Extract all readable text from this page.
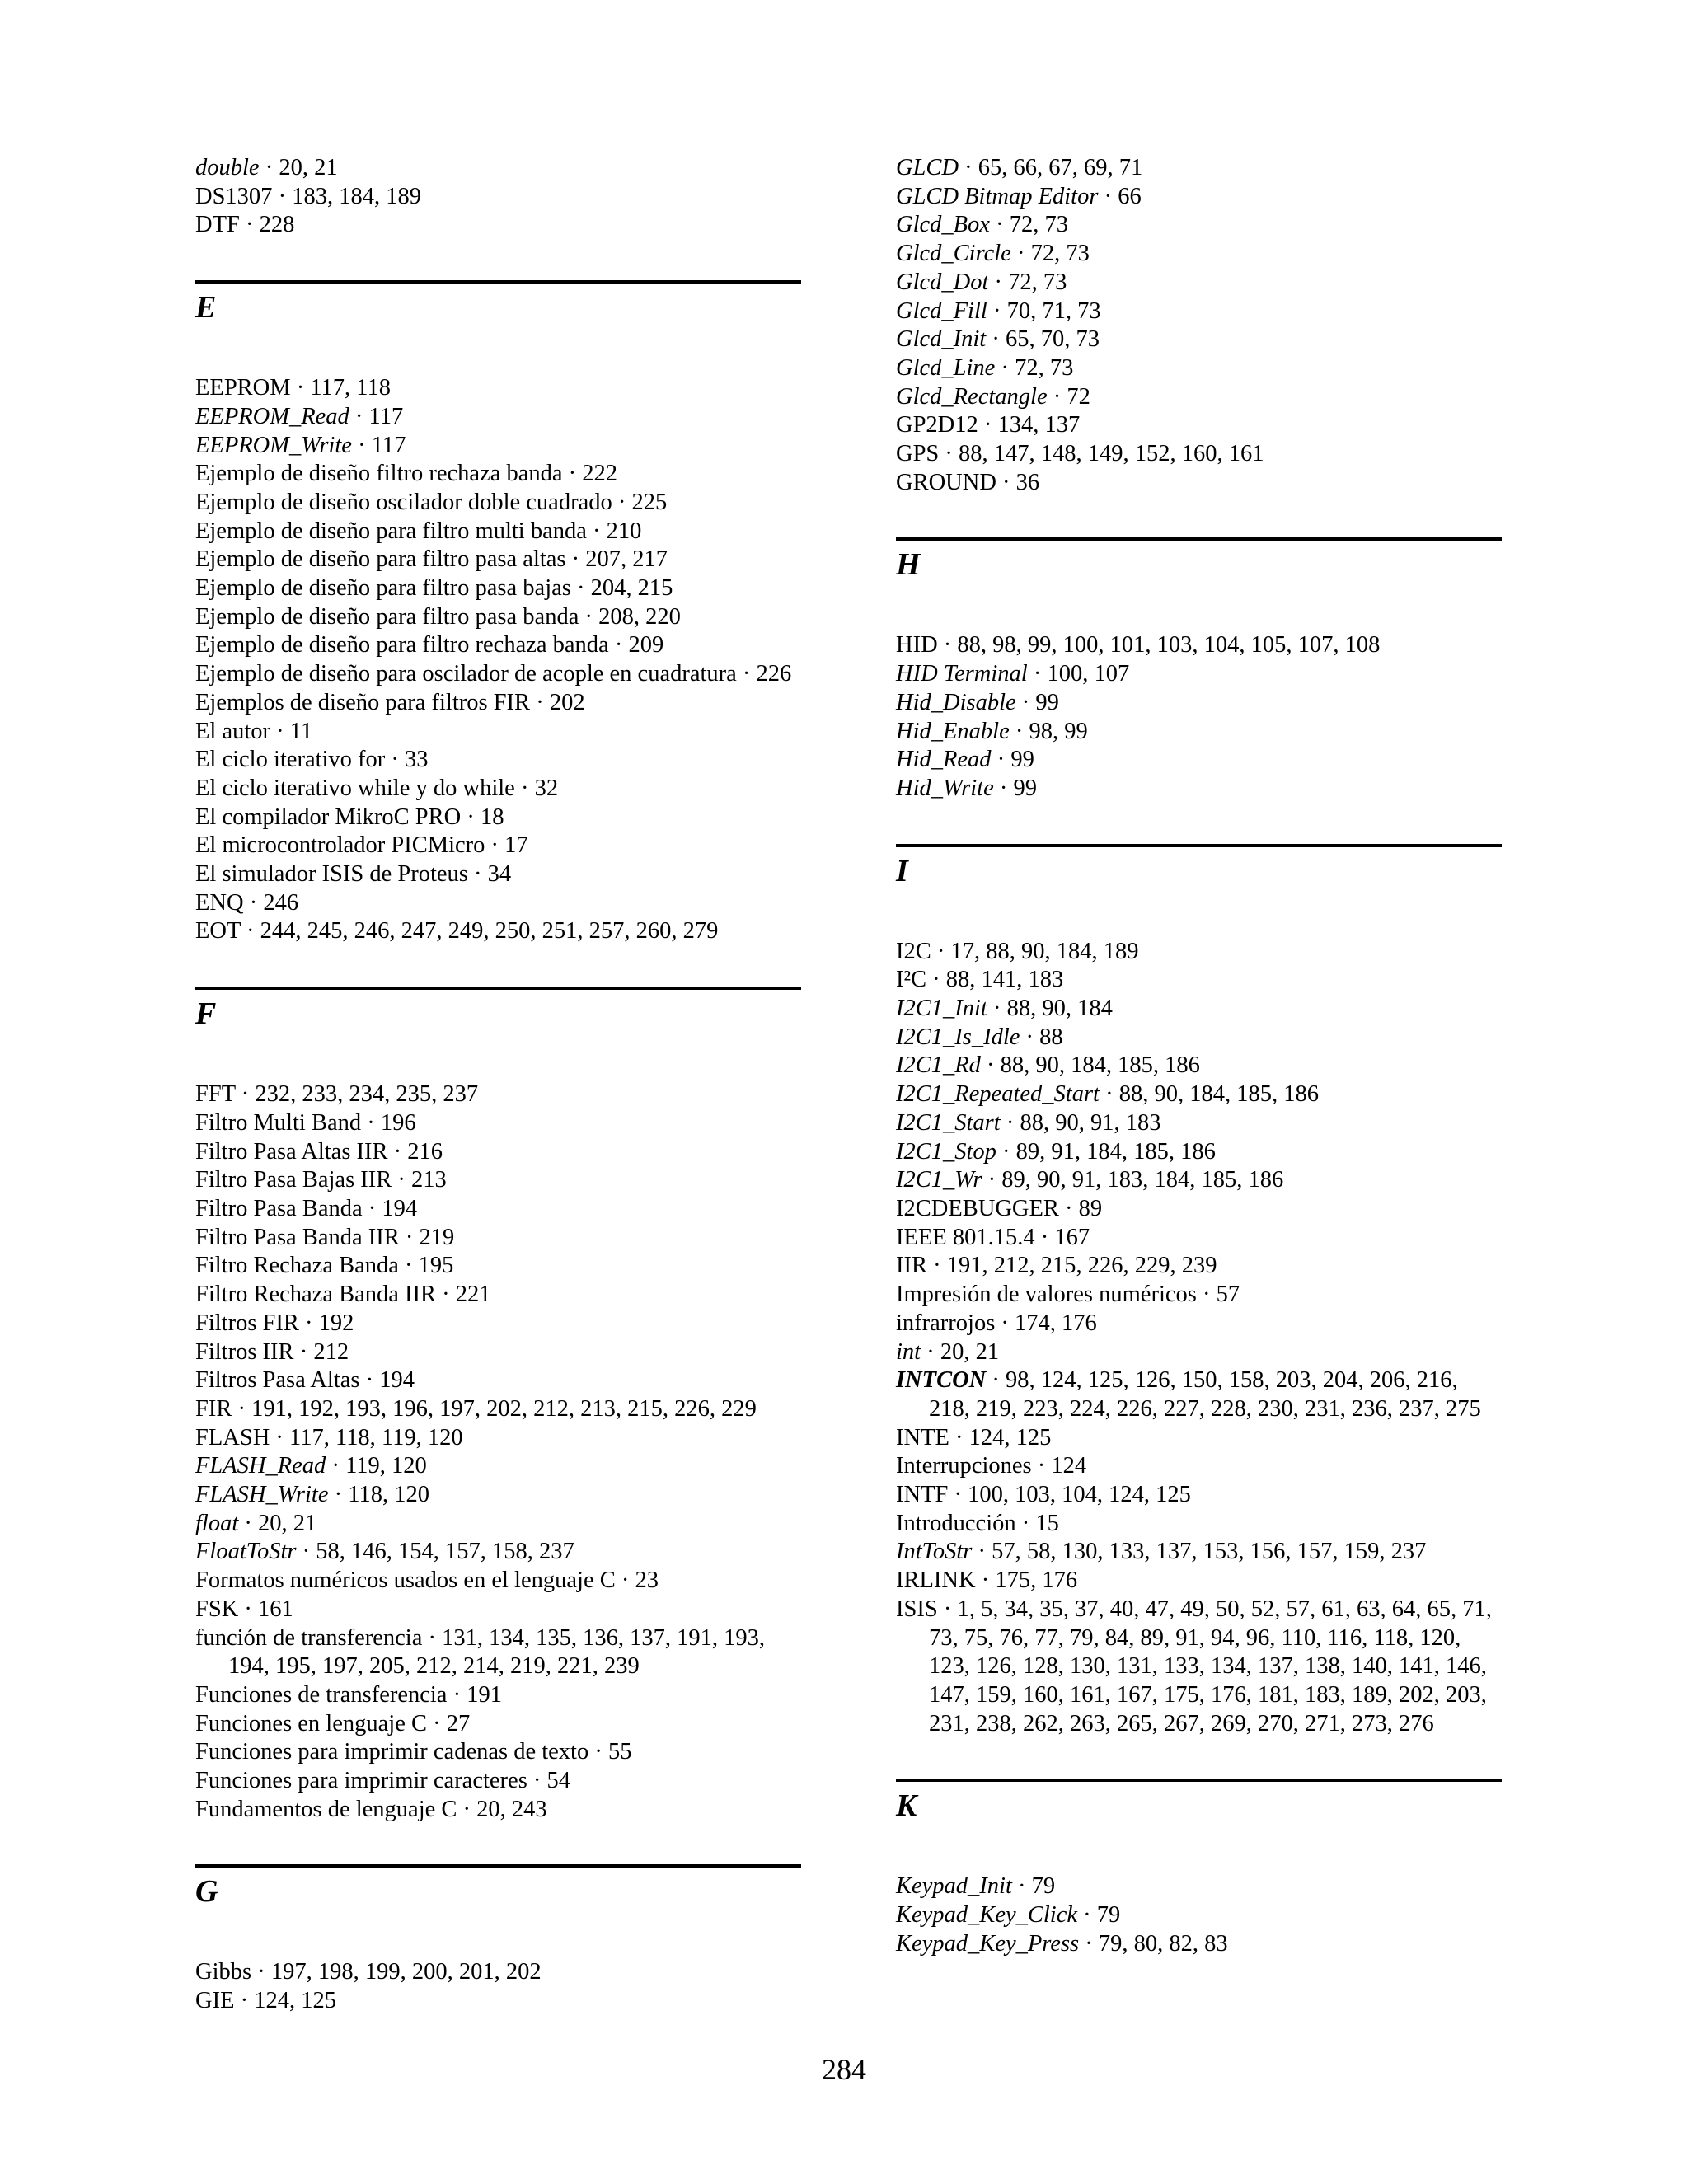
double · 20, 21
DS1307 · 183, 184, 189
DTF · 228
E
EEPROM · 117, 118
EEPROM_Read · 117
EEPROM_Write · 117
Ejemplo de diseño filtro rechaza banda · 222
Ejemplo de diseño oscilador doble cuadrado · 225
Ejemplo de diseño para filtro multi banda · 210
Ejemplo de diseño para filtro pasa altas · 207, 217
Ejemplo de diseño para filtro pasa bajas · 204, 215
Ejemplo de diseño para filtro pasa banda · 208, 220
Ejemplo de diseño para filtro rechaza banda · 209
Ejemplo de diseño para oscilador de acople en cuadratura · 226
Ejemplos de diseño para filtros FIR · 202
El autor · 11
El ciclo iterativo for · 33
El ciclo iterativo while y do while · 32
El compilador MikroC PRO · 18
El microcontrolador PICMicro · 17
El simulador ISIS de Proteus · 34
ENQ · 246
EOT · 244, 245, 246, 247, 249, 250, 251, 257, 260, 279
F
FFT · 232, 233, 234, 235, 237
Filtro Multi Band · 196
Filtro Pasa Altas IIR · 216
Filtro Pasa Bajas IIR · 213
Filtro Pasa Banda · 194
Filtro Pasa Banda IIR · 219
Filtro Rechaza Banda · 195
Filtro Rechaza Banda IIR · 221
Filtros FIR · 192
Filtros IIR · 212
Filtros Pasa Altas · 194
FIR · 191, 192, 193, 196, 197, 202, 212, 213, 215, 226, 229
FLASH · 117, 118, 119, 120
FLASH_Read · 119, 120
FLASH_Write · 118, 120
float · 20, 21
FloatToStr · 58, 146, 154, 157, 158, 237
Formatos numéricos usados en el lenguaje C · 23
FSK · 161
función de transferencia · 131, 134, 135, 136, 137, 191, 193, 194, 195, 197, 205, 212, 214, 219, 221, 239
Funciones de transferencia · 191
Funciones en lenguaje C · 27
Funciones para imprimir cadenas de texto · 55
Funciones para imprimir caracteres · 54
Fundamentos de lenguaje C · 20, 243
G
Gibbs · 197, 198, 199, 200, 201, 202
GIE · 124, 125
GLCD · 65, 66, 67, 69, 71
GLCD Bitmap Editor · 66
Glcd_Box · 72, 73
Glcd_Circle · 72, 73
Glcd_Dot · 72, 73
Glcd_Fill · 70, 71, 73
Glcd_Init · 65, 70, 73
Glcd_Line · 72, 73
Glcd_Rectangle · 72
GP2D12 · 134, 137
GPS · 88, 147, 148, 149, 152, 160, 161
GROUND · 36
H
HID · 88, 98, 99, 100, 101, 103, 104, 105, 107, 108
HID Terminal · 100, 107
Hid_Disable · 99
Hid_Enable · 98, 99
Hid_Read · 99
Hid_Write · 99
I
I2C · 17, 88, 90, 184, 189
I²C · 88, 141, 183
I2C1_Init · 88, 90, 184
I2C1_Is_Idle · 88
I2C1_Rd · 88, 90, 184, 185, 186
I2C1_Repeated_Start · 88, 90, 184, 185, 186
I2C1_Start · 88, 90, 91, 183
I2C1_Stop · 89, 91, 184, 185, 186
I2C1_Wr · 89, 90, 91, 183, 184, 185, 186
I2CDEBUGGER · 89
IEEE 801.15.4 · 167
IIR · 191, 212, 215, 226, 229, 239
Impresión de valores numéricos · 57
infrarrojos · 174, 176
int · 20, 21
INTCON · 98, 124, 125, 126, 150, 158, 203, 204, 206, 216, 218, 219, 223, 224, 226, 227, 228, 230, 231, 236, 237, 275
INTE · 124, 125
Interrupciones · 124
INTF · 100, 103, 104, 124, 125
Introducción · 15
IntToStr · 57, 58, 130, 133, 137, 153, 156, 157, 159, 237
IRLINK · 175, 176
ISIS · 1, 5, 34, 35, 37, 40, 47, 49, 50, 52, 57, 61, 63, 64, 65, 71, 73, 75, 76, 77, 79, 84, 89, 91, 94, 96, 110, 116, 118, 120, 123, 126, 128, 130, 131, 133, 134, 137, 138, 140, 141, 146, 147, 159, 160, 161, 167, 175, 176, 181, 183, 189, 202, 203, 231, 238, 262, 263, 265, 267, 269, 270, 271, 273, 276
K
Keypad_Init · 79
Keypad_Key_Click · 79
Keypad_Key_Press · 79, 80, 82, 83
284
